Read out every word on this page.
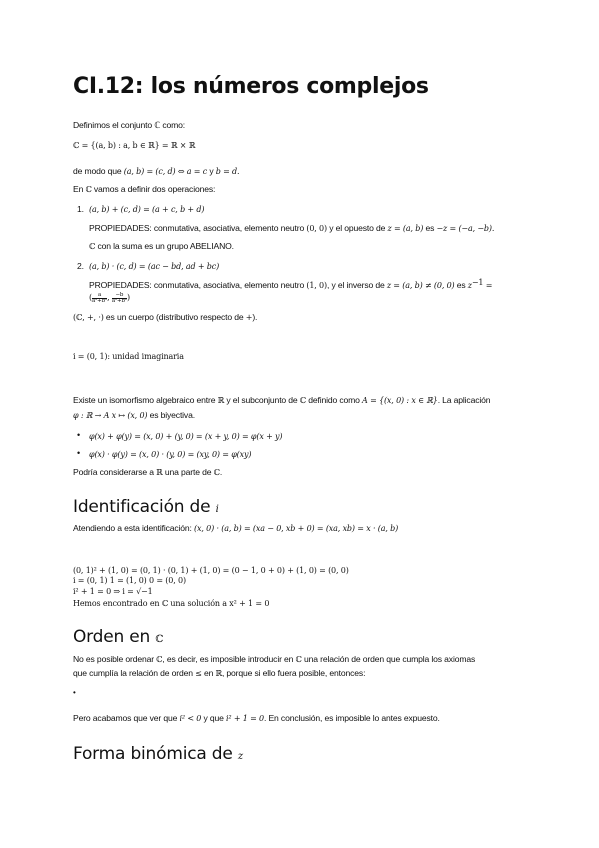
CI.12: los números complejos
Definimos el conjunto ℂ como:
ℂ = {(a, b) : a, b ∈ ℝ} = ℝ × ℝ
de modo que (a, b) = (c, d) ⇔ a = c y b = d.
En ℂ vamos a definir dos operaciones:
1. (a, b) + (c, d) = (a + c, b + d)
PROPIEDADES: conmutativa, asociativa, elemento neutro (0, 0) y el opuesto de z = (a, b) es −z = (−a, −b).
ℂ con la suma es un grupo ABELIANO.
2. (a, b) · (c, d) = (ac − bd, ad + bc)
PROPIEDADES: conmutativa, asociativa, elemento neutro (1, 0), y el inverso de z = (a, b) ≠ (0, 0) es $z^{-1}$ =
( $\frac{a}{\text{a²+b²}}$ , $\frac{-b}{\text{a²+b²}}$ )
(ℂ, +, ·) es un cuerpo (distributivo respecto de +).
i = (0, 1): unidad imaginaria
Existe un isomorfismo algebraico entre ℝ y el subconjunto de ℂ definido como A = {(x, 0) : x ∈ ℝ}. La aplicación
φ : ℝ → A x ↦ (x, 0) es biyectiva.
• φ(x) + φ(y) = (x, 0) + (y, 0) = (x + y, 0) = φ(x + y)
• φ(x) · φ(y) = (x, 0) · (y, 0) = (xy, 0) = φ(xy)
Podría considerarse a ℝ una parte de ℂ.
Identificación de i
Atendiendo a esta identificación: (x, 0) · (a, b) = (xa − 0, xb + 0) = (xa, xb) = x · (a, b)
(0, 1)² + (1, 0) = (0, 1) · (0, 1) + (1, 0) = (0 − 1, 0 + 0) + (1, 0) = (0, 0)
i = (0, 1) 1 = (1, 0) 0 = (0, 0)
i² + 1 = 0 ⇒ i = √−1
Hemos encontrado en ℂ una solución a x² + 1 = 0
Orden en ℂ
No es posible ordenar ℂ, es decir, es imposible introducir en ℂ una relación de orden que cumpla los axiomas
que cumplía la relación de orden ≤ en ℝ, porque si ello fuera posible, entonces:
•
Pero acabamos que ver que i² < 0 y que i² + 1 = 0. En conclusión, es imposible lo antes expuesto.
Forma binómica de z
